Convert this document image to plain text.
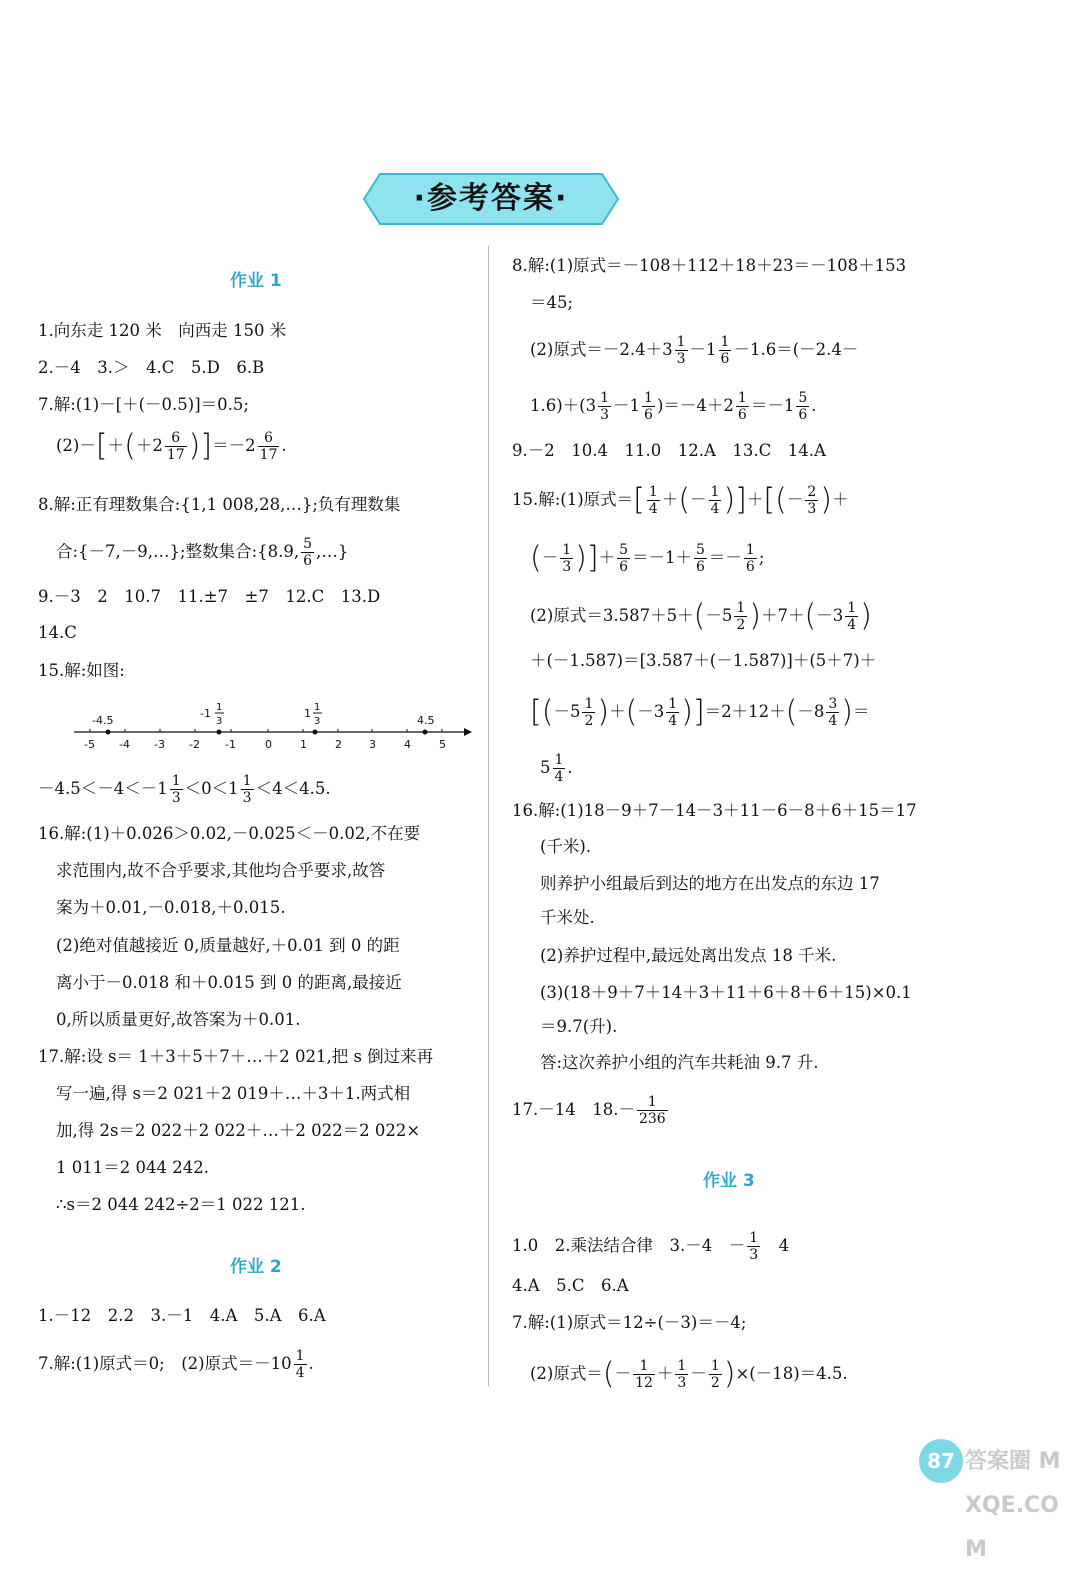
·参考答案·
作业 1
1.向东走 120 米　向西走 150 米
2.－4　3.＞　4.C　5.D　6.B
7.解:(1)－[＋(－0.5)]＝0.5;
$(2)-[+(+2 \frac{6}{17} )]=-2 \frac{6}{17}$ .
8.解:正有理数集合:{1,1 008,28,…};负有理数集
合:{－7,－9,…};整数集合:{8.9, $\frac{5}{6}$ ,…}
9.－3　2　10.7　11.±7　±7　12.C　13.D
14.C
15.解:如图:
-5 -4 -3 -2 -1	0	1	2 3	4	5
-4.5
-1 1
3
1 1
3	4.5
$-4.5<-4<-1 \frac{1}{3} <0<1 \frac{1}{3} <4<4.5$.
16.解:(1)＋0.026＞0.02,－0.025＜－0.02,不在要
求范围内,故不合乎要求,其他均合乎要求,故答
案为＋0.01,－0.018,＋0.015.
(2)绝对值越接近 0,质量越好,＋0.01 到 0 的距
离小于－0.018 和＋0.015 到 0 的距离,最接近
0,所以质量更好,故答案为＋0.01.
17.解:设 s＝ 1＋3＋5＋7＋…＋2 021,把 s 倒过来再
写一遍,得 s＝2 021＋2 019＋…＋3＋1.两式相
加,得 2s＝2 022＋2 022＋…＋2 022＝2 022×
1 011＝2 044 242.
∴s＝2 044 242÷2＝1 022 121.
作业 2
1.－12　2.2　3.－1　4.A　5.A　6.A
7.解:(1)原式＝0;　(2)原式$=-10 \frac{1}{4}$ .
8.解:(1)原式＝－108＋112＋18＋23＝－108＋153
＝45;
(2)原式$=-2.4+3 \frac{1}{3} -1 \frac{1}{6} -1.6=(-2.4-$
$1.6)+(3 \frac{1}{3} -1 \frac{1}{6} )=-4+2 \frac{1}{6} =-1 \frac{5}{6}$ .
9.－2　10.4　11.0　12.A　13.C　14.A
15.解:(1)原式＝[ $\frac{1}{4}$ ＋(－ $\frac{1}{4}$ )]＋[(－ $\frac{2}{3}$ )＋
(－ $\frac{1}{3}$ )]＋ $\frac{5}{6} =-1+ \frac{5}{6} =- \frac{1}{6}$ ;
(2)原式$=3.587+5+(-5 \frac{1}{2} )+7+(-3 \frac{1}{4}$ )
＋(－1.587)＝[3.587＋(－1.587)]＋(5＋7)＋
$[(-5 \frac{1}{2} )+(-3 \frac{1}{4} )]=2+12+(-8 \frac{3}{4}$ )＝
$5 \frac{1}{4}$ .
16.解:(1)18－9＋7－14－3＋11－6－8＋6＋15＝17
(千米).
则养护小组最后到达的地方在出发点的东边 17
千米处.
(2)养护过程中,最远处离出发点 18 千米.
(3)(18＋9＋7＋14＋3＋11＋6＋8＋6＋15)×0.1
＝9.7(升).
答:这次养护小组的汽车共耗油 9.7 升.
17.－14　$18.- \frac{1}{236}$
作业 3
1.0　2.乘法结合律　3.－4　－ $\frac{1}{3}$
　 4
4.A　5.C　6.A
7.解:(1)原式＝12÷(－3)＝－4;
(2)原式＝(－ $\frac{1}{12} + \frac{1}{3} - \frac{1}{2} )\times(-18)=4.5$.
87 答案圈 MXQE.COM
